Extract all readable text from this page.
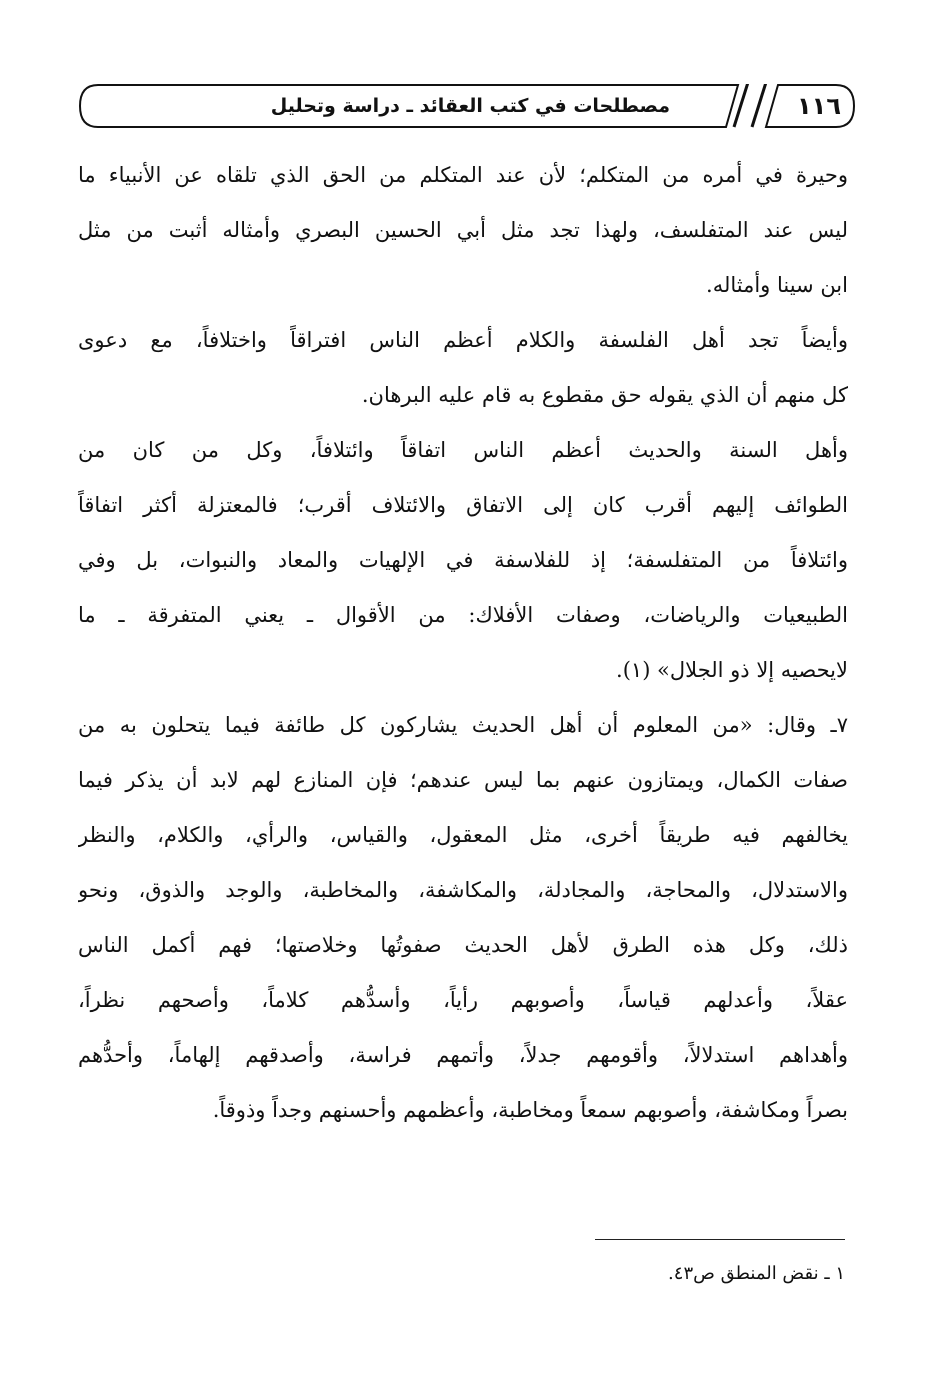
مصطلحات في كتب العقائد ـ دراسة وتحليل	١١٦
وحيرة في أمره من المتكلم؛ لأن عند المتكلم من الحق الذي تلقاه عن الأنبياء ما
ليس عند المتفلسف، ولهذا تجد مثل أبي الحسين البصري وأمثاله أثبت من مثل
ابن سينا وأمثاله.
وأيضاً تجد أهل الفلسفة والكلام أعظم الناس افتراقاً واختلافاً، مع دعوى
كل منهم أن الذي يقوله حق مقطوع به قام عليه البرهان.
وأهل السنة والحديث أعظم الناس اتفاقاً وائتلافاً، وكل من كان من
الطوائف إليهم أقرب كان إلى الاتفاق والائتلاف أقرب؛ فالمعتزلة أكثر اتفاقاً
وائتلافاً من المتفلسفة؛ إذ للفلاسفة في الإلهيات والمعاد والنبوات، بل وفي
الطبيعيات والرياضات، وصفات الأفلاك: من الأقوال ـ يعني المتفرقة ـ ما
لايحصيه إلا ذو الجلال» (١).
٧ـ وقال: «من المعلوم أن أهل الحديث يشاركون كل طائفة فيما يتحلون به من
صفات الكمال، ويمتازون عنهم بما ليس عندهم؛ فإن المنازع لهم لابد أن يذكر فيما
يخالفهم فيه طريقاً أخرى، مثل المعقول، والقياس، والرأي، والكلام، والنظر
والاستدلال، والمحاجة، والمجادلة، والمكاشفة، والمخاطبة، والوجد والذوق، ونحو
ذلك، وكل هذه الطرق لأهل الحديث صفوتُها وخلاصتها؛ فهم أكمل الناس
عقلاً، وأعدلهم قياساً، وأصوبهم رأياً، وأسدُّهم كلاماً، وأصحهم نظراً،
وأهداهم استدلالاً، وأقومهم جدلاً، وأتمهم فراسة، وأصدقهم إلهاماً، وأحدُّهم
بصراً ومكاشفة، وأصوبهم سمعاً ومخاطبة، وأعظمهم وأحسنهم وجداً وذوقاً.
١ ـ نقض المنطق ص٤٣.
